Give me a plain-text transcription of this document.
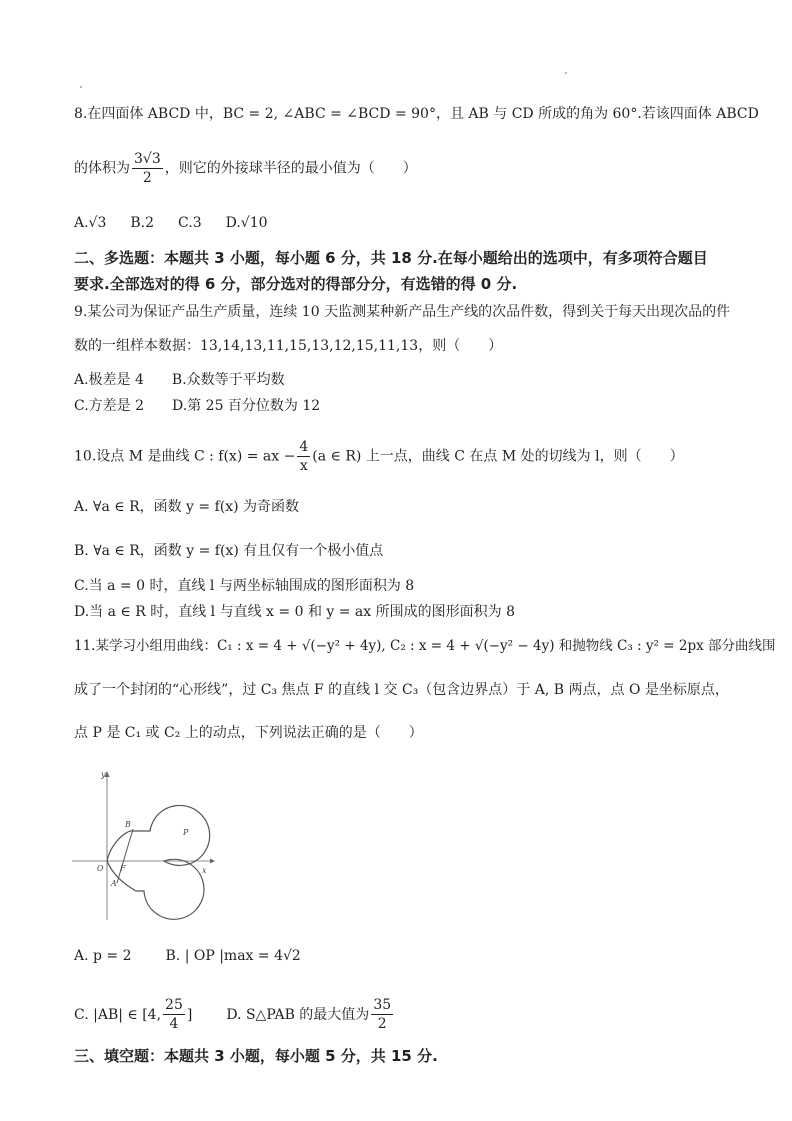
8.在四面体 ABCD 中，BC = 2, ∠ABC = ∠BCD = 90°，且 AB 与 CD 所成的角为 60°.若该四面体 ABCD
的体积为 $\frac{3√3}{2}$ ，则它的外接球半径的最小值为（　　）
A.√3 B.2 C.3 D.√10
二、多选题：本题共 3 小题，每小题 6 分，共 18 分.在每小题给出的选项中，有多项符合题目
要求.全部选对的得 6 分，部分选对的得部分分，有选错的得 0 分.
9.某公司为保证产品生产质量，连续 10 天监测某种新产品生产线的次品件数，得到关于每天出现次品的件
数的一组样本数据：13,14,13,11,15,13,12,15,11,13，则（　　）
A.极差是 4 B.众数等于平均数
C.方差是 2 D.第 25 百分位数为 12
10.设点 M 是曲线 C : f(x) = ax − $\frac{4}{x} (a$ ∈ R) 上一点，曲线 C 在点 M 处的切线为 l，则（　　）
A. ∀a ∈ R，函数 y = f(x) 为奇函数
B. ∀a ∈ R，函数 y = f(x) 有且仅有一个极小值点
C.当 a = 0 时，直线 l 与两坐标轴围成的图形面积为 8
D.当 a ∈ R 时，直线 l 与直线 x = 0 和 y = ax 所围成的图形面积为 8
11.某学习小组用曲线：C₁ : x = 4 + √(−y² + 4y), C₂ : x = 4 + √(−y² − 4y) 和抛物线 C₃ : y² = 2px 部分曲线围
成了一个封闭的“心形线”，过 C₃ 焦点 F 的直线 l 交 C₃（包含边界点）于 A, B 两点，点 O 是坐标原点，
点 P 是 C₁ 或 C₂ 上的动点，下列说法正确的是（　　）
y
x
O
B
F
A
P
A. p = 2 B. | OP |max = 4√2
C. |AB| ∈ [4, $\frac{25}{4}$ ] D. S△PAB 的最大值为 $\frac{35}{2}$
三、填空题：本题共 3 小题，每小题 5 分，共 15 分.
